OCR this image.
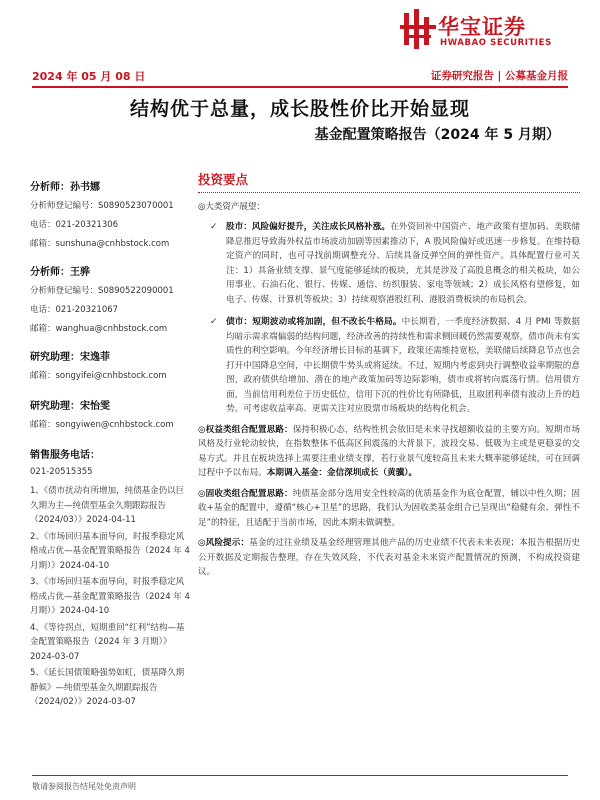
华宝证券
HWABAO SECURITIES
2024 年 05 月 08 日	证券研究报告 | 公募基金月报
结构优于总量，成长股性价比开始显现
基金配置策略报告（2024 年 5 月期）
分析师：孙书娜
分析师登记编号：S0890523070001
电话：021-20321306
邮箱：sunshuna@cnhbstock.com
分析师：王骅
分析师登记编号：S0890522090001
电话：021-20321067
邮箱：wanghua@cnhbstock.com
研究助理：宋逸菲
邮箱：songyifei@cnhbstock.com
研究助理：宋怡雯
邮箱：songyiwen@cnhbstock.com
销售服务电话：
021-20515355
1、《债市扰动有所增加，纯债基金仍以巨久期为主—纯债型基金久期跟踪报告（2024/03）》2024-04-11
2、《市场回归基本面导向，时报季稳定风格成占优—基金配置策略报告（2024 年 4 月期）》2024-04-10
3、《市场回归基本面导向，时报季稳定风格成占优—基金配置策略报告（2024 年 4 月期）》2024-04-10
4、《等待拐点，短期重回“红利”结构—基金配置策略报告（2024 年 3 月期）》2024-03-07
5、《延长国债策略强势如虹，债基降久期静候》—纯债型基金久期跟踪报告（2024/02）》2024-03-07
投资要点
◎大类资产展望：
✓ 股市：风险偏好提升，关注成长风格补涨。在外资回补中国资产、地产政策有望加码、美联储降息推迟导致海外权益市场波动加剧等因素推动下，A 股风险偏好或迅速一步修复。在维持稳定资产的同时，也可寻找前期调整充分、后续具备反弹空间的弹性资产。具体配置行业可关注：1）具备业绩支撑、景气度能够延续的板块，尤其是涉及了高股息概念的相关板块，如公用事业、石油石化、银行、传媒、通信、纺织服装、家电等领域；2）成长风格有望修复，如电子、传媒、计算机等板块；3）持续观察港股红利、港股消费板块的布局机会。
✓ 债市：短期波动或将加剧，但不改长牛格局。中长期看，一季度经济数据、4 月 PMI 等数据均暗示需求端偏弱的结构问题，经济改善的持续性和需求侧回暖仍然需要观察，债市尚未有实质性的利空影响。今年经济增长目标的基调下，政策还需维持宽松，美联储后续降息节点也会打开中国降息空间，中长期债牛势头或将延续。不过，短期内考虑到央行调整收益率期限的意图，政府债供给增加、潜在的地产政策加码等边际影响，债市或将转向震荡行情。信用债方面，当前信用利差位于历史低位，信用下沉的性价比有所降低，且取团利率债有波动上升的趋势。可考虑收益率高、更需关注对应股票市场板块的结构化机会。
◎权益类组合配置思路：保持积极心态，结构性机会依旧是未来寻找超额收益的主要方向。短期市场风格及行业轮动较快，在指数整体不低高区间震荡的大背景下，波段交易、低吸为主或是更稳妥的交易方式。并且在板块选择上需要注重业绩支撑，若行业景气度较高且未来大概率能够延续，可在回调过程中予以布局。本期调入基金：金信深圳成长（黄骥）。
◎固收类组合配置思路：纯债基金部分选用安全性较高的优质基金作为底仓配置，辅以中性久期；固收+基金的配置中，遵循“核心+卫星”的思路，我们认为固收类基金组合已呈现出“稳健有余、弹性不足”的特征，且适配于当前市场，因此本期未做调整。
◎风险提示：基金的过往业绩及基金经理管理其他产品的历史业绩不代表未来表现；本报告根据历史公开数据及定期报告整理，存在失效风险，不代表对基金未来资产配置情况的预测，不构成投资建议。
敬请参阅报告结尾处免责声明
